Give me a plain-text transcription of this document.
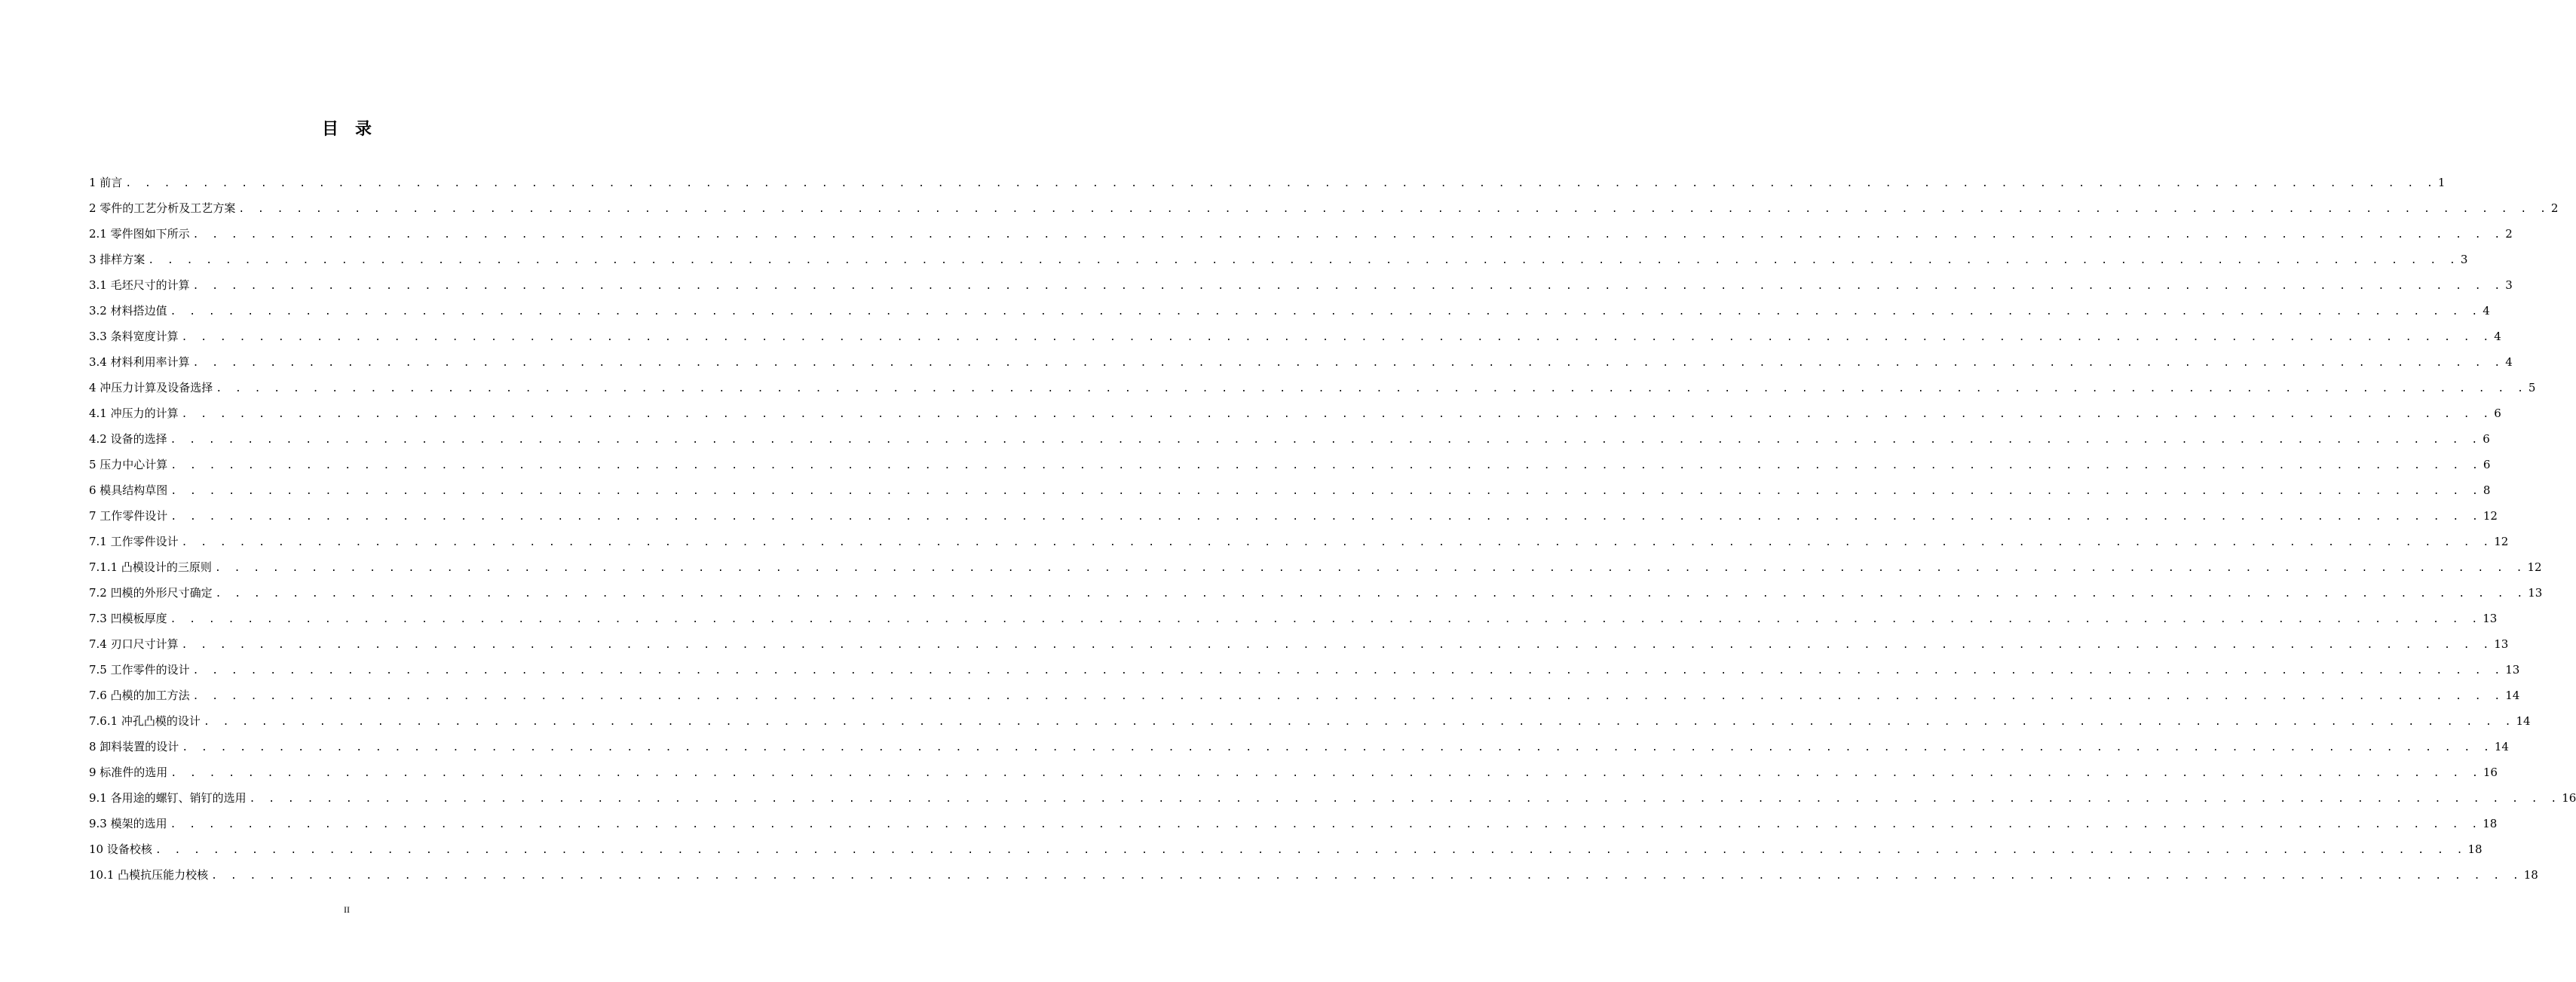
目 录
1 前言 . . . . . . . . . . . . . . . . . . . . . . . . . . . . . . . . . . . . . . . . . . . . . . . . . . . . . . . . . . . . . . . . . . . . . . . . . . . . . . . . . . . . . . . . . . . . . . . . . . . . . . . . . . . . . . . . . . . . . . . . 1
2 零件的工艺分析及工艺方案 . . . . . . . . . . . . . . . . . . . . . . . . . . . . . . . . . . . . . . . . . . . . . . . . . . . . . . . . . . . . . . . . . . . . . . . . . . . . . . . . . . . . . . . . . . . . . . . . . . . . . . . . . . . . . . . . . . . . . . . . 2
2.1 零件图如下所示 . . . . . . . . . . . . . . . . . . . . . . . . . . . . . . . . . . . . . . . . . . . . . . . . . . . . . . . . . . . . . . . . . . . . . . . . . . . . . . . . . . . . . . . . . . . . . . . . . . . . . . . . . . . . . . . . . . . . . . . . 2
3 排样方案 . . . . . . . . . . . . . . . . . . . . . . . . . . . . . . . . . . . . . . . . . . . . . . . . . . . . . . . . . . . . . . . . . . . . . . . . . . . . . . . . . . . . . . . . . . . . . . . . . . . . . . . . . . . . . . . . . . . . . . . . 3
3.1 毛坯尺寸的计算 . . . . . . . . . . . . . . . . . . . . . . . . . . . . . . . . . . . . . . . . . . . . . . . . . . . . . . . . . . . . . . . . . . . . . . . . . . . . . . . . . . . . . . . . . . . . . . . . . . . . . . . . . . . . . . . . . . . . . . . . 3
3.2 材料搭边值 . . . . . . . . . . . . . . . . . . . . . . . . . . . . . . . . . . . . . . . . . . . . . . . . . . . . . . . . . . . . . . . . . . . . . . . . . . . . . . . . . . . . . . . . . . . . . . . . . . . . . . . . . . . . . . . . . . . . . . . . 4
3.3 条料宽度计算 . . . . . . . . . . . . . . . . . . . . . . . . . . . . . . . . . . . . . . . . . . . . . . . . . . . . . . . . . . . . . . . . . . . . . . . . . . . . . . . . . . . . . . . . . . . . . . . . . . . . . . . . . . . . . . . . . . . . . . . . 4
3.4 材料利用率计算 . . . . . . . . . . . . . . . . . . . . . . . . . . . . . . . . . . . . . . . . . . . . . . . . . . . . . . . . . . . . . . . . . . . . . . . . . . . . . . . . . . . . . . . . . . . . . . . . . . . . . . . . . . . . . . . . . . . . . . . . 4
4 冲压力计算及设备选择 . . . . . . . . . . . . . . . . . . . . . . . . . . . . . . . . . . . . . . . . . . . . . . . . . . . . . . . . . . . . . . . . . . . . . . . . . . . . . . . . . . . . . . . . . . . . . . . . . . . . . . . . . . . . . . . . . . . . . . . . 5
4.1 冲压力的计算 . . . . . . . . . . . . . . . . . . . . . . . . . . . . . . . . . . . . . . . . . . . . . . . . . . . . . . . . . . . . . . . . . . . . . . . . . . . . . . . . . . . . . . . . . . . . . . . . . . . . . . . . . . . . . . . . . . . . . . . . 6
4.2 设备的选择 . . . . . . . . . . . . . . . . . . . . . . . . . . . . . . . . . . . . . . . . . . . . . . . . . . . . . . . . . . . . . . . . . . . . . . . . . . . . . . . . . . . . . . . . . . . . . . . . . . . . . . . . . . . . . . . . . . . . . . . . 6
5 压力中心计算 . . . . . . . . . . . . . . . . . . . . . . . . . . . . . . . . . . . . . . . . . . . . . . . . . . . . . . . . . . . . . . . . . . . . . . . . . . . . . . . . . . . . . . . . . . . . . . . . . . . . . . . . . . . . . . . . . . . . . . . . 6
6 模具结构草图 . . . . . . . . . . . . . . . . . . . . . . . . . . . . . . . . . . . . . . . . . . . . . . . . . . . . . . . . . . . . . . . . . . . . . . . . . . . . . . . . . . . . . . . . . . . . . . . . . . . . . . . . . . . . . . . . . . . . . . . . 8
7 工作零件设计 . . . . . . . . . . . . . . . . . . . . . . . . . . . . . . . . . . . . . . . . . . . . . . . . . . . . . . . . . . . . . . . . . . . . . . . . . . . . . . . . . . . . . . . . . . . . . . . . . . . . . . . . . . . . . . . . . . . . . . . . 12
7.1 工作零件设计 . . . . . . . . . . . . . . . . . . . . . . . . . . . . . . . . . . . . . . . . . . . . . . . . . . . . . . . . . . . . . . . . . . . . . . . . . . . . . . . . . . . . . . . . . . . . . . . . . . . . . . . . . . . . . . . . . . . . . . . . 12
7.1.1 凸模设计的三原则 . . . . . . . . . . . . . . . . . . . . . . . . . . . . . . . . . . . . . . . . . . . . . . . . . . . . . . . . . . . . . . . . . . . . . . . . . . . . . . . . . . . . . . . . . . . . . . . . . . . . . . . . . . . . . . . . . . . . . . . . 12
7.2 凹模的外形尺寸确定 . . . . . . . . . . . . . . . . . . . . . . . . . . . . . . . . . . . . . . . . . . . . . . . . . . . . . . . . . . . . . . . . . . . . . . . . . . . . . . . . . . . . . . . . . . . . . . . . . . . . . . . . . . . . . . . . . . . . . . . . 13
7.3 凹模板厚度 . . . . . . . . . . . . . . . . . . . . . . . . . . . . . . . . . . . . . . . . . . . . . . . . . . . . . . . . . . . . . . . . . . . . . . . . . . . . . . . . . . . . . . . . . . . . . . . . . . . . . . . . . . . . . . . . . . . . . . . . 13
7.4 刃口尺寸计算 . . . . . . . . . . . . . . . . . . . . . . . . . . . . . . . . . . . . . . . . . . . . . . . . . . . . . . . . . . . . . . . . . . . . . . . . . . . . . . . . . . . . . . . . . . . . . . . . . . . . . . . . . . . . . . . . . . . . . . . . 13
7.5 工作零件的设计 . . . . . . . . . . . . . . . . . . . . . . . . . . . . . . . . . . . . . . . . . . . . . . . . . . . . . . . . . . . . . . . . . . . . . . . . . . . . . . . . . . . . . . . . . . . . . . . . . . . . . . . . . . . . . . . . . . . . . . . . 13
7.6 凸模的加工方法 . . . . . . . . . . . . . . . . . . . . . . . . . . . . . . . . . . . . . . . . . . . . . . . . . . . . . . . . . . . . . . . . . . . . . . . . . . . . . . . . . . . . . . . . . . . . . . . . . . . . . . . . . . . . . . . . . . . . . . . . 14
7.6.1 冲孔凸模的设计 . . . . . . . . . . . . . . . . . . . . . . . . . . . . . . . . . . . . . . . . . . . . . . . . . . . . . . . . . . . . . . . . . . . . . . . . . . . . . . . . . . . . . . . . . . . . . . . . . . . . . . . . . . . . . . . . . . . . . . . . 14
8 卸料装置的设计 . . . . . . . . . . . . . . . . . . . . . . . . . . . . . . . . . . . . . . . . . . . . . . . . . . . . . . . . . . . . . . . . . . . . . . . . . . . . . . . . . . . . . . . . . . . . . . . . . . . . . . . . . . . . . . . . . . . . . . . . 14
9 标准件的选用 . . . . . . . . . . . . . . . . . . . . . . . . . . . . . . . . . . . . . . . . . . . . . . . . . . . . . . . . . . . . . . . . . . . . . . . . . . . . . . . . . . . . . . . . . . . . . . . . . . . . . . . . . . . . . . . . . . . . . . . . 16
9.1 各用途的螺钉、销钉的选用 . . . . . . . . . . . . . . . . . . . . . . . . . . . . . . . . . . . . . . . . . . . . . . . . . . . . . . . . . . . . . . . . . . . . . . . . . . . . . . . . . . . . . . . . . . . . . . . . . . . . . . . . . . . . . . . . . . . . . . . . 16
9.3 模架的选用 . . . . . . . . . . . . . . . . . . . . . . . . . . . . . . . . . . . . . . . . . . . . . . . . . . . . . . . . . . . . . . . . . . . . . . . . . . . . . . . . . . . . . . . . . . . . . . . . . . . . . . . . . . . . . . . . . . . . . . . . 18
10 设备校核 . . . . . . . . . . . . . . . . . . . . . . . . . . . . . . . . . . . . . . . . . . . . . . . . . . . . . . . . . . . . . . . . . . . . . . . . . . . . . . . . . . . . . . . . . . . . . . . . . . . . . . . . . . . . . . . . . . . . . . . . 18
10.1 凸模抗压能力校核 . . . . . . . . . . . . . . . . . . . . . . . . . . . . . . . . . . . . . . . . . . . . . . . . . . . . . . . . . . . . . . . . . . . . . . . . . . . . . . . . . . . . . . . . . . . . . . . . . . . . . . . . . . . . . . . . . . . . . . . . 18
II
